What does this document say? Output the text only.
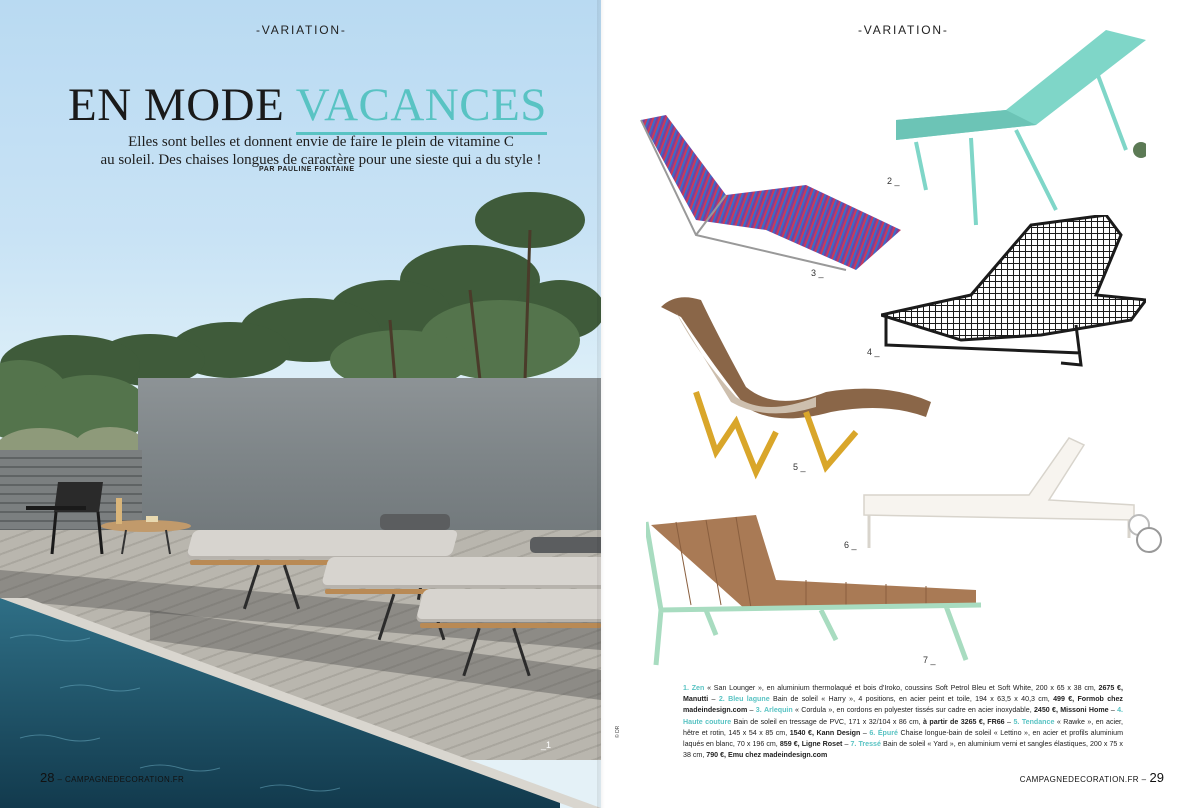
-VARIATION-
EN MODE VACANCES
Elles sont belles et donnent envie de faire le plein de vitamine C
au soleil. Des chaises longues de caractère pour une sieste qui a du style !
PAR PAULINE FONTAINE
_1
28 – CAMPAGNEDECORATION.FR
-VARIATION-
2 _
3 _
4 _
5 _
6 _
7 _
© DR
1. Zen « San Lounger », en aluminium thermolaqué et bois d'Iroko, coussins Soft Petrol Bleu et Soft White, 200 x 65 x 38 cm, 2675 €, Manutti – 2. Bleu lagune Bain de soleil « Harry », 4 positions, en acier peint et toile, 194 x 63,5 x 40,3 cm, 499 €, Formob chez madeindesign.com – 3. Arlequin « Cordula », en cordons en polyester tissés sur cadre en acier inoxydable, 2450 €, Missoni Home – 4. Haute couture Bain de soleil en tressage de PVC, 171 x 32/104 x 86 cm, à partir de 3265 €, FR66 – 5. Tendance « Rawke », en acier, hêtre et rotin, 145 x 54 x 85 cm, 1540 €, Kann Design – 6. Épuré Chaise longue-bain de soleil « Lettino », en acier et profils aluminium laqués en blanc, 70 x 196 cm, 859 €, Ligne Roset – 7. Tressé Bain de soleil « Yard », en aluminium verni et sangles élastiques, 200 x 75 x 38 cm, 790 €, Emu chez madeindesign.com
CAMPAGNEDECORATION.FR – 29
